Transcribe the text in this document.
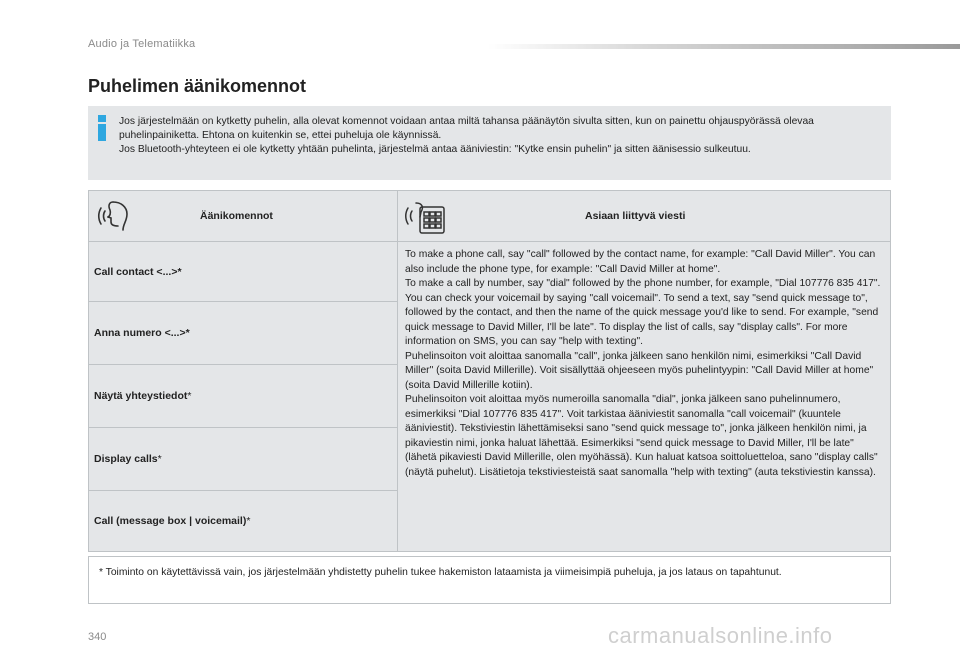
Audio ja Telematiikka
Puhelimen äänikomennot

Jos järjestelmään on kytketty puhelin, alla olevat komennot voidaan antaa miltä tahansa päänäytön sivulta sitten, kun on painettu ohjauspyörässä olevaa puhelinpainiketta. Ehtona on kuitenkin se, ettei puheluja ole käynnissä.

Jos Bluetooth-yhteyteen ei ole kytketty yhtään puhelinta, järjestelmä antaa ääniviestin: "Kytke ensin puhelin" ja sitten äänisessio sulkeutuu.

Äänikomennot	Asiaan liittyvä viesti
Call contact <...> *
Anna numero <...> *
Näytä yhteystiedot *
Display calls *
Call (message box | voicemail) *

To make a phone call, say "call" followed by the contact name, for example: "Call David Miller". You can also include the phone type, for example: "Call David Miller at home".

To make a call by number, say "dial" followed by the phone number, for example, "Dial 107776 835 417". You can check your voicemail by saying "call voicemail". To send a text, say "send quick message to", followed by the contact, and then the name of the quick message you'd like to send. For example, "send quick message to David Miller, I'll be late". To display the list of calls, say "display calls". For more information on SMS, you can say "help with texting".

Puhelinsoiton voit aloittaa sanomalla "call", jonka jälkeen sano henkilön nimi, esimerkiksi "Call David Miller" (soita David Millerille). Voit sisällyttää ohjeeseen myös puhelintyypin: "Call David Miller at home" (soita David Millerille kotiin).

Puhelinsoiton voit aloittaa myös numeroilla sanomalla "dial", jonka jälkeen sano puhelinnumero, esimerkiksi "Dial 107776 835 417". Voit tarkistaa ääniviestit sanomalla "call voicemail" (kuuntele ääniviestit). Tekstiviestin lähettämiseksi sano "send quick message to", jonka jälkeen henkilön nimi, ja pikaviestin nimi, jonka haluat lähettää. Esimerkiksi "send quick message to David Miller, I'll be late" (lähetä pikaviesti David Millerille, olen myöhässä). Kun haluat katsoa soittoluetteloa, sano "display calls" (näytä puhelut). Lisätietoja tekstiviesteistä saat sanomalla "help with texting" (auta tekstiviestin kanssa).

* Toiminto on käytettävissä vain, jos järjestelmään yhdistetty puhelin tukee hakemiston lataamista ja viimeisimpiä puheluja, ja jos lataus on tapahtunut.
340	carmanualsonline.info
